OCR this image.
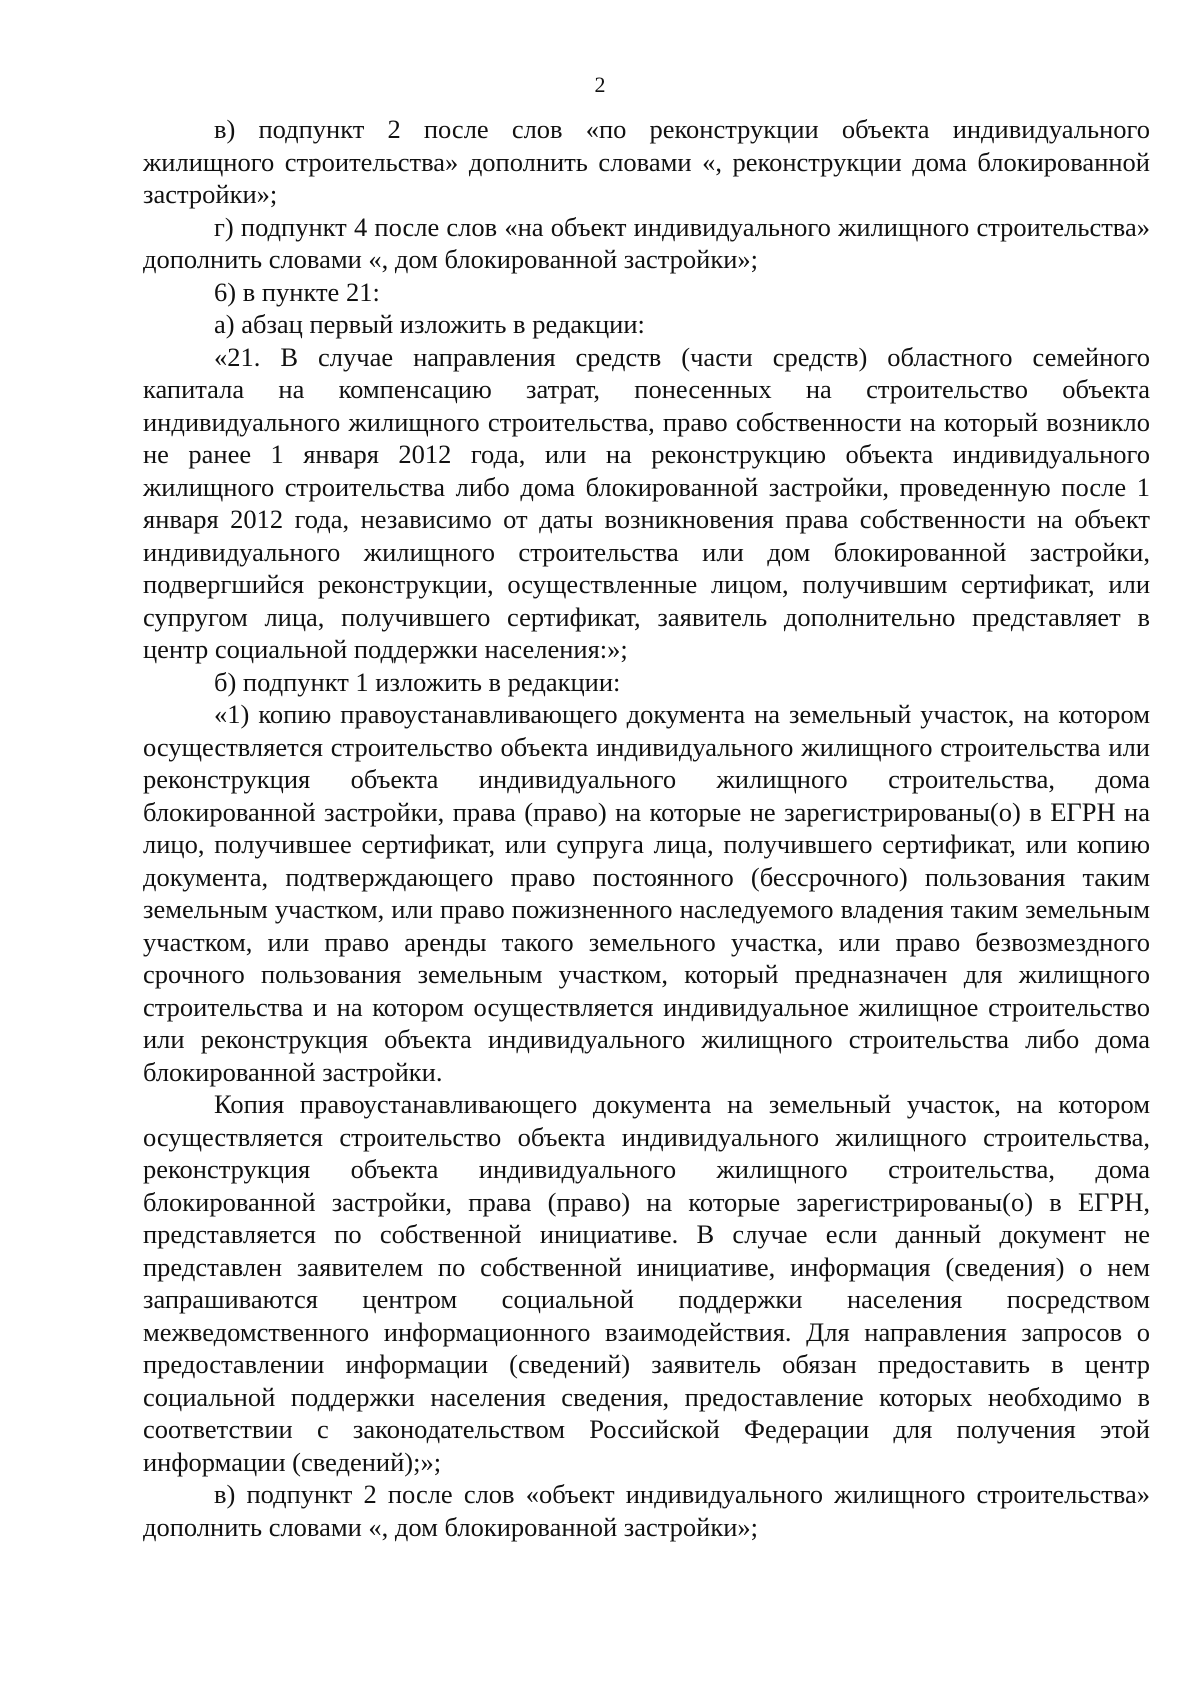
2

в) подпункт 2 после слов «по реконструкции объекта индивидуального жилищного строительства» дополнить словами «, реконструкции дома блокированной застройки»;

г) подпункт 4 после слов «на объект индивидуального жилищного строительства» дополнить словами «, дом блокированной застройки»;

6) в пункте 21:

а) абзац первый изложить в редакции:

«21. В случае направления средств (части средств) областного семейного капитала на компенсацию затрат, понесенных на строительство объекта индивидуального жилищного строительства, право собственности на который возникло не ранее 1 января 2012 года, или на реконструкцию объекта индивидуального жилищного строительства либо дома блокированной застройки, проведенную после 1 января 2012 года, независимо от даты возникновения права собственности на объект индивидуального жилищного строительства или дом блокированной застройки, подвергшийся реконструкции, осуществленные лицом, получившим сертификат, или супругом лица, получившего сертификат, заявитель дополнительно представляет в центр социальной поддержки населения:»;

б) подпункт 1 изложить в редакции:

«1) копию правоустанавливающего документа на земельный участок, на котором осуществляется строительство объекта индивидуального жилищного строительства или реконструкция объекта индивидуального жилищного строительства, дома блокированной застройки, права (право) на которые не зарегистрированы(о) в ЕГРН на лицо, получившее сертификат, или супруга лица, получившего сертификат, или копию документа, подтверждающего право постоянного (бессрочного) пользования таким земельным участком, или право пожизненного наследуемого владения таким земельным участком, или право аренды такого земельного участка, или право безвозмездного срочного пользования земельным участком, который предназначен для жилищного строительства и на котором осуществляется индивидуальное жилищное строительство или реконструкция объекта индивидуального жилищного строительства либо дома блокированной застройки.

Копия правоустанавливающего документа на земельный участок, на котором осуществляется строительство объекта индивидуального жилищного строительства, реконструкция объекта индивидуального жилищного строительства, дома блокированной застройки, права (право) на которые зарегистрированы(о) в ЕГРН, представляется по собственной инициативе. В случае если данный документ не представлен заявителем по собственной инициативе, информация (сведения) о нем запрашиваются центром социальной поддержки населения посредством межведомственного информационного взаимодействия. Для направления запросов о предоставлении информации (сведений) заявитель обязан предоставить в центр социальной поддержки населения сведения, предоставление которых необходимо в соответствии с законодательством Российской Федерации для получения этой информации (сведений);»;

в) подпункт 2 после слов «объект индивидуального жилищного строительства» дополнить словами «, дом блокированной застройки»;
